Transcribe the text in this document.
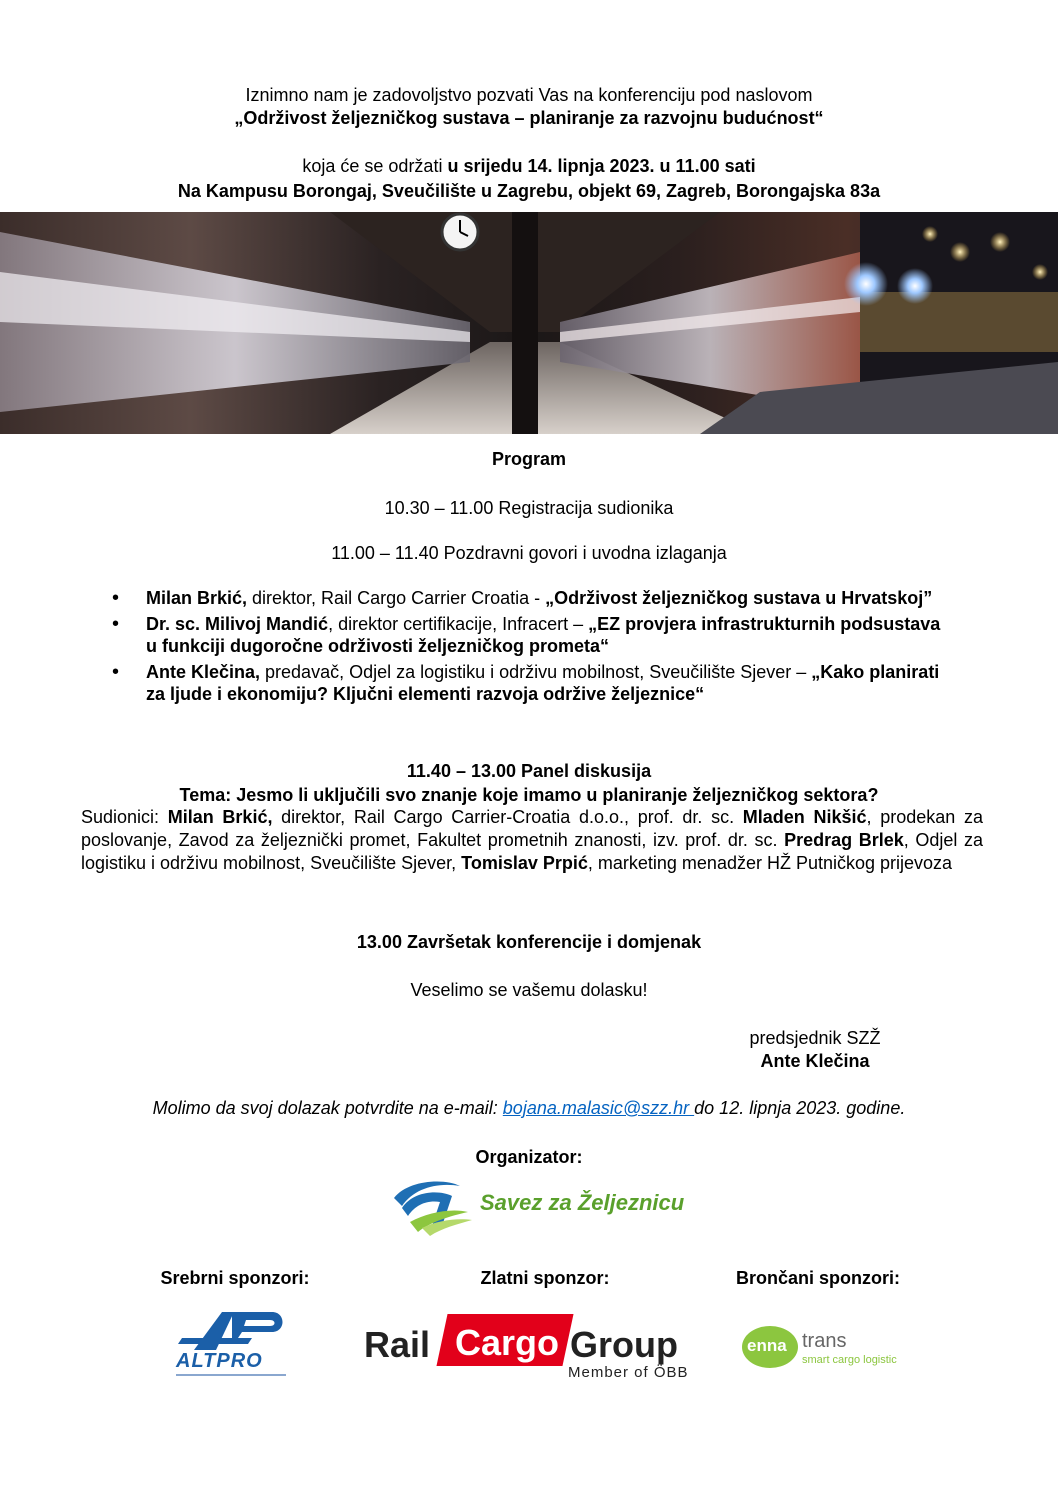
Iznimno nam je zadovoljstvo pozvati Vas na konferenciju pod naslovom
„Održivost željezničkog sustava – planiranje za razvojnu budućnost“
koja će se održati u srijedu 14. lipnja 2023. u 11.00 sati
Na Kampusu Borongaj, Sveučilište u Zagrebu, objekt 69, Zagreb, Borongajska 83a
Program
10.30 – 11.00 Registracija sudionika
11.00 – 11.40 Pozdravni govori i uvodna izlaganja
• Milan Brkić, direktor, Rail Cargo Carrier Croatia - „Održivost željezničkog sustava u Hrvatskoj”
• Dr. sc. Milivoj Mandić, direktor certifikacije, Infracert – „EZ provjera infrastrukturnih podsustava u funkciji dugoročne održivosti željezničkog prometa“
• Ante Klečina, predavač, Odjel za logistiku i održivu mobilnost, Sveučilište Sjever – „Kako planirati za ljude i ekonomiju? Ključni elementi razvoja održive željeznice“
11.40 – 13.00 Panel diskusija
Tema: Jesmo li uključili svo znanje koje imamo u planiranje željezničkog sektora?
Sudionici: Milan Brkić, direktor, Rail Cargo Carrier-Croatia d.o.o., prof. dr. sc. Mladen Nikšić, prodekan za poslovanje, Zavod za željeznički promet, Fakultet prometnih znanosti, izv. prof. dr. sc. Predrag Brlek, Odjel za logistiku i održivu mobilnost, Sveučilište Sjever, Tomislav Prpić, marketing menadžer HŽ Putničkog prijevoza
13.00 Završetak konferencije i domjenak
Veselimo se vašemu dolasku!
predsjednik SZŽ
Ante Klečina
Molimo da svoj dolazak potvrdite na e-mail: bojana.malasic@szz.hr do 12. lipnja 2023. godine.
Organizator:
Savez za Željeznicu
Srebrni sponzori:	Zlatni sponzor:	Brončani sponzori:
ALTPRO	Rail Cargo Group
Member of ÖBB
enna trans
smart cargo logistic
